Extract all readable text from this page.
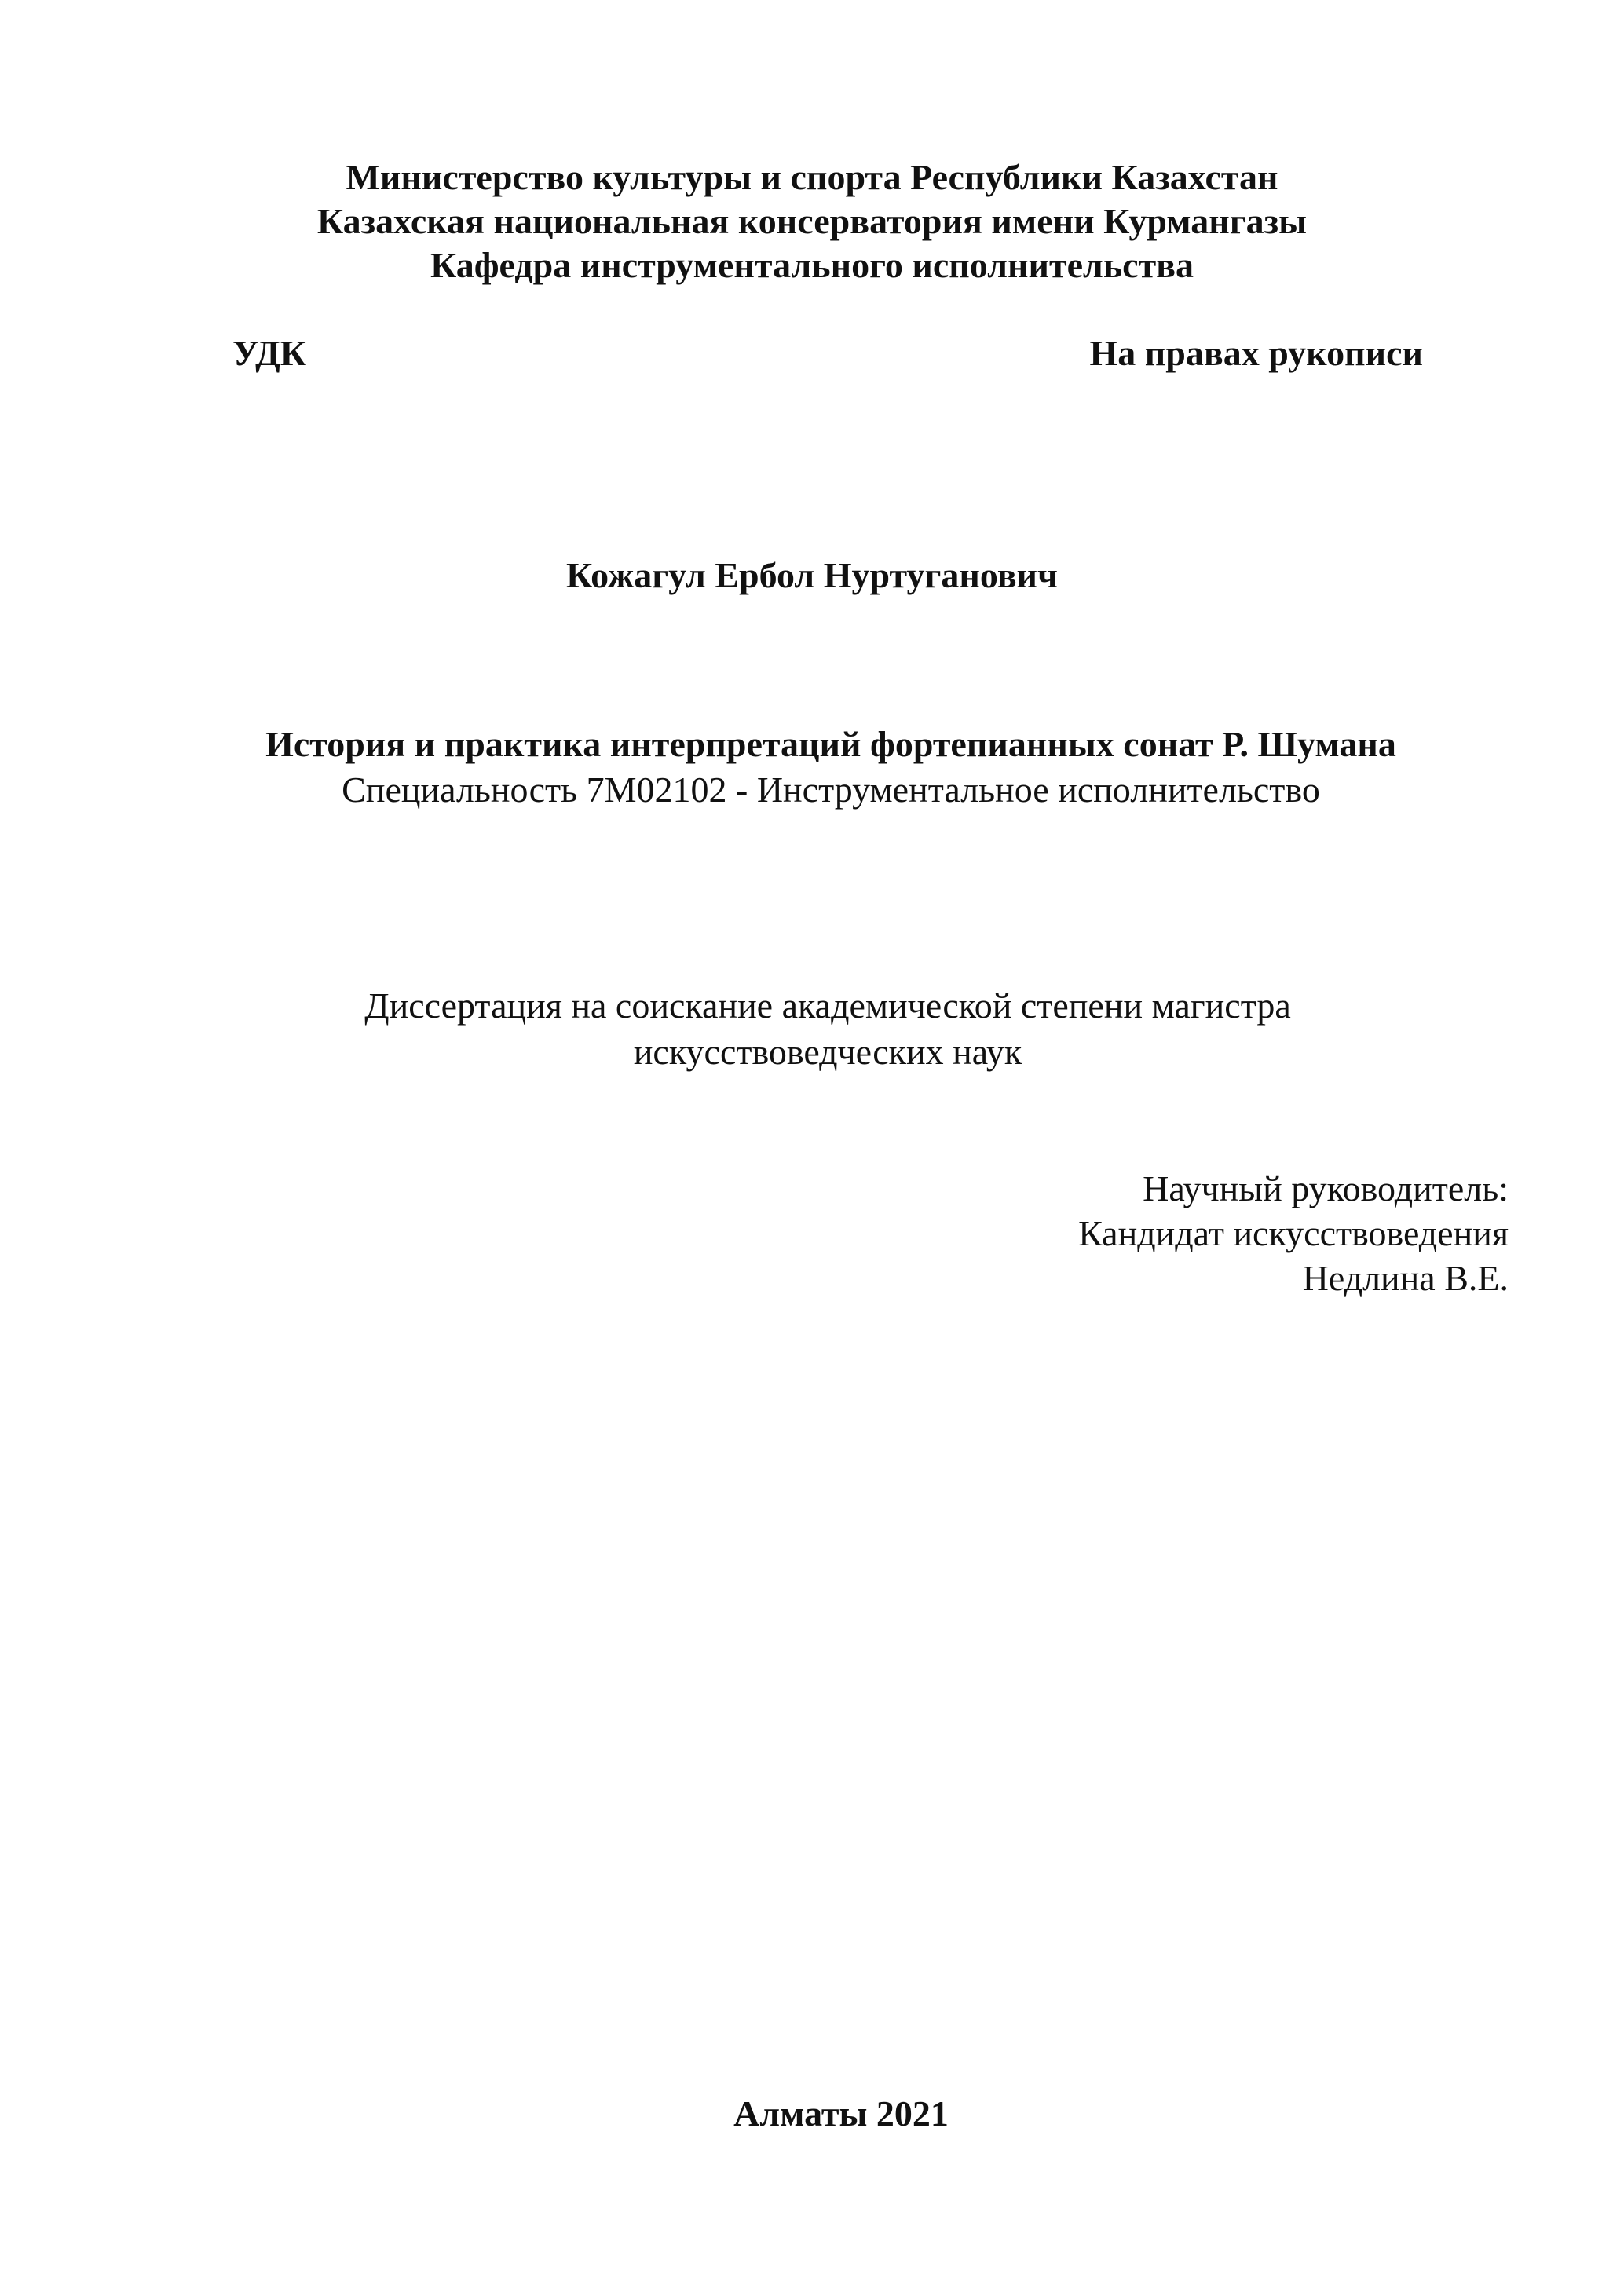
Министерство культуры и спорта Республики Казахстан
Казахская национальная консерватория имени Курмангазы
Кафедра инструментального исполнительства
УДК	На правах рукописи
Кожагул Ербол Нуртуганович
История и практика интерпретаций фортепианных сонат Р. Шумана
Специальность 7М02102 - Инструментальное исполнительство
Диссертация на соискание академической степени магистра
искусствоведческих наук
Научный руководитель:
Кандидат искусствоведения
Недлина В.Е.
Алматы 2021
